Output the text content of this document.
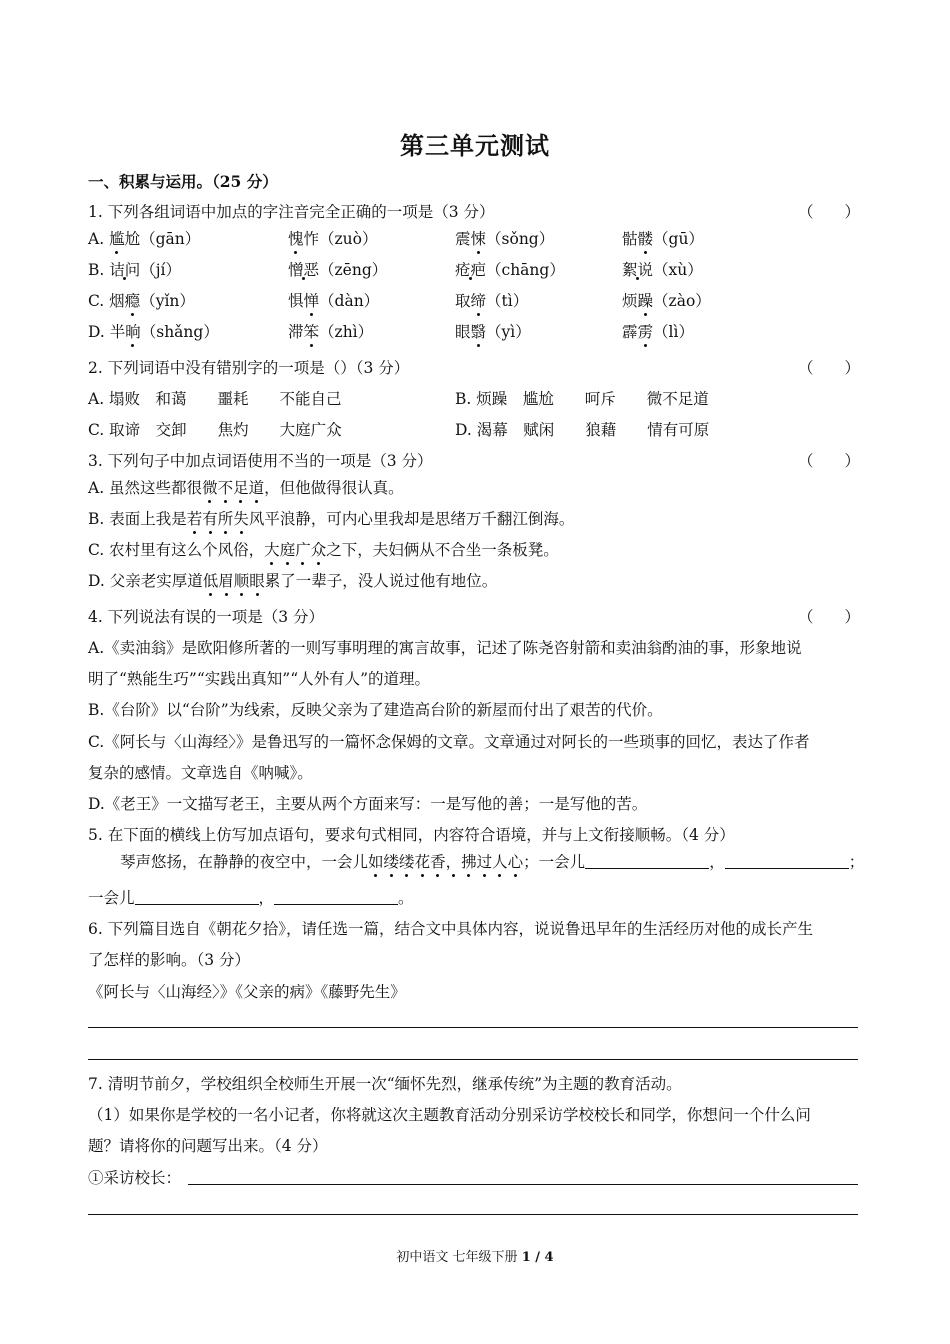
第三单元测试
一、积累与运用。（25 分）
1. 下列各组词语中加点的字注音完全正确的一项是（3 分）	（　　）
A. 尴尬（gān）	愧怍（zuò）	震悚（sǒng）	骷髅（gū）
B. 诘问（jí）	憎恶（zēng）	疮疤（chāng）	絮说（xù）
C. 烟瘾（yǐn）	惧惮（dàn）	取缔（tì）	烦躁（zào）
D. 半晌（shǎng）	滞笨（zhì）	眼翳（yì）	霹雳（lì）
2. 下列词语中没有错别字的一项是（）（3 分）	（　　）
A. 塌败　和蔼　　噩耗　　不能自己	B. 烦躁　尴尬　　呵斥　　微不足道
C. 取谛　交卸　　焦灼　　大庭广众	D. 渴幕　赋闲　　狼藉　　情有可原
3. 下列句子中加点词语使用不当的一项是（3 分）	（　　）
A. 虽然这些都很微不足道，但他做得很认真。
B. 表面上我是若有所失风平浪静，可内心里我却是思绪万千翻江倒海。
C. 农村里有这么个风俗，大庭广众之下，夫妇俩从不合坐一条板凳。
D. 父亲老实厚道低眉顺眼累了一辈子，没人说过他有地位。
4. 下列说法有误的一项是（3 分）	（　　）
A.《卖油翁》是欧阳修所著的一则写事明理的寓言故事，记述了陈尧咨射箭和卖油翁酌油的事，形象地说
明了“熟能生巧”“实践出真知”“人外有人”的道理。
B.《台阶》以“台阶”为线索，反映父亲为了建造高台阶的新屋而付出了艰苦的代价。
C.《阿长与〈山海经〉》是鲁迅写的一篇怀念保姆的文章。文章通过对阿长的一些琐事的回忆，表达了作者
复杂的感情。文章选自《呐喊》。
D.《老王》一文描写老王，主要从两个方面来写：一是写他的善；一是写他的苦。
5. 在下面的横线上仿写加点语句，要求句式相同，内容符合语境，并与上文衔接顺畅。（4 分）
琴声悠扬，在静静的夜空中，一会儿如缕缕花香，拂过人心；一会儿	，	；
一会儿	，	。
6. 下列篇目选自《朝花夕拾》，请任选一篇，结合文中具体内容，说说鲁迅早年的生活经历对他的成长产生
了怎样的影响。（3 分）
《阿长与〈山海经〉》《父亲的病》《藤野先生》
7. 清明节前夕，学校组织全校师生开展一次“缅怀先烈，继承传统”为主题的教育活动。
（1）如果你是学校的一名小记者，你将就这次主题教育活动分别采访学校校长和同学，你想问一个什么问
题？请将你的问题写出来。（4 分）
①采访校长：
初中语文 七年级下册 1 / 4
